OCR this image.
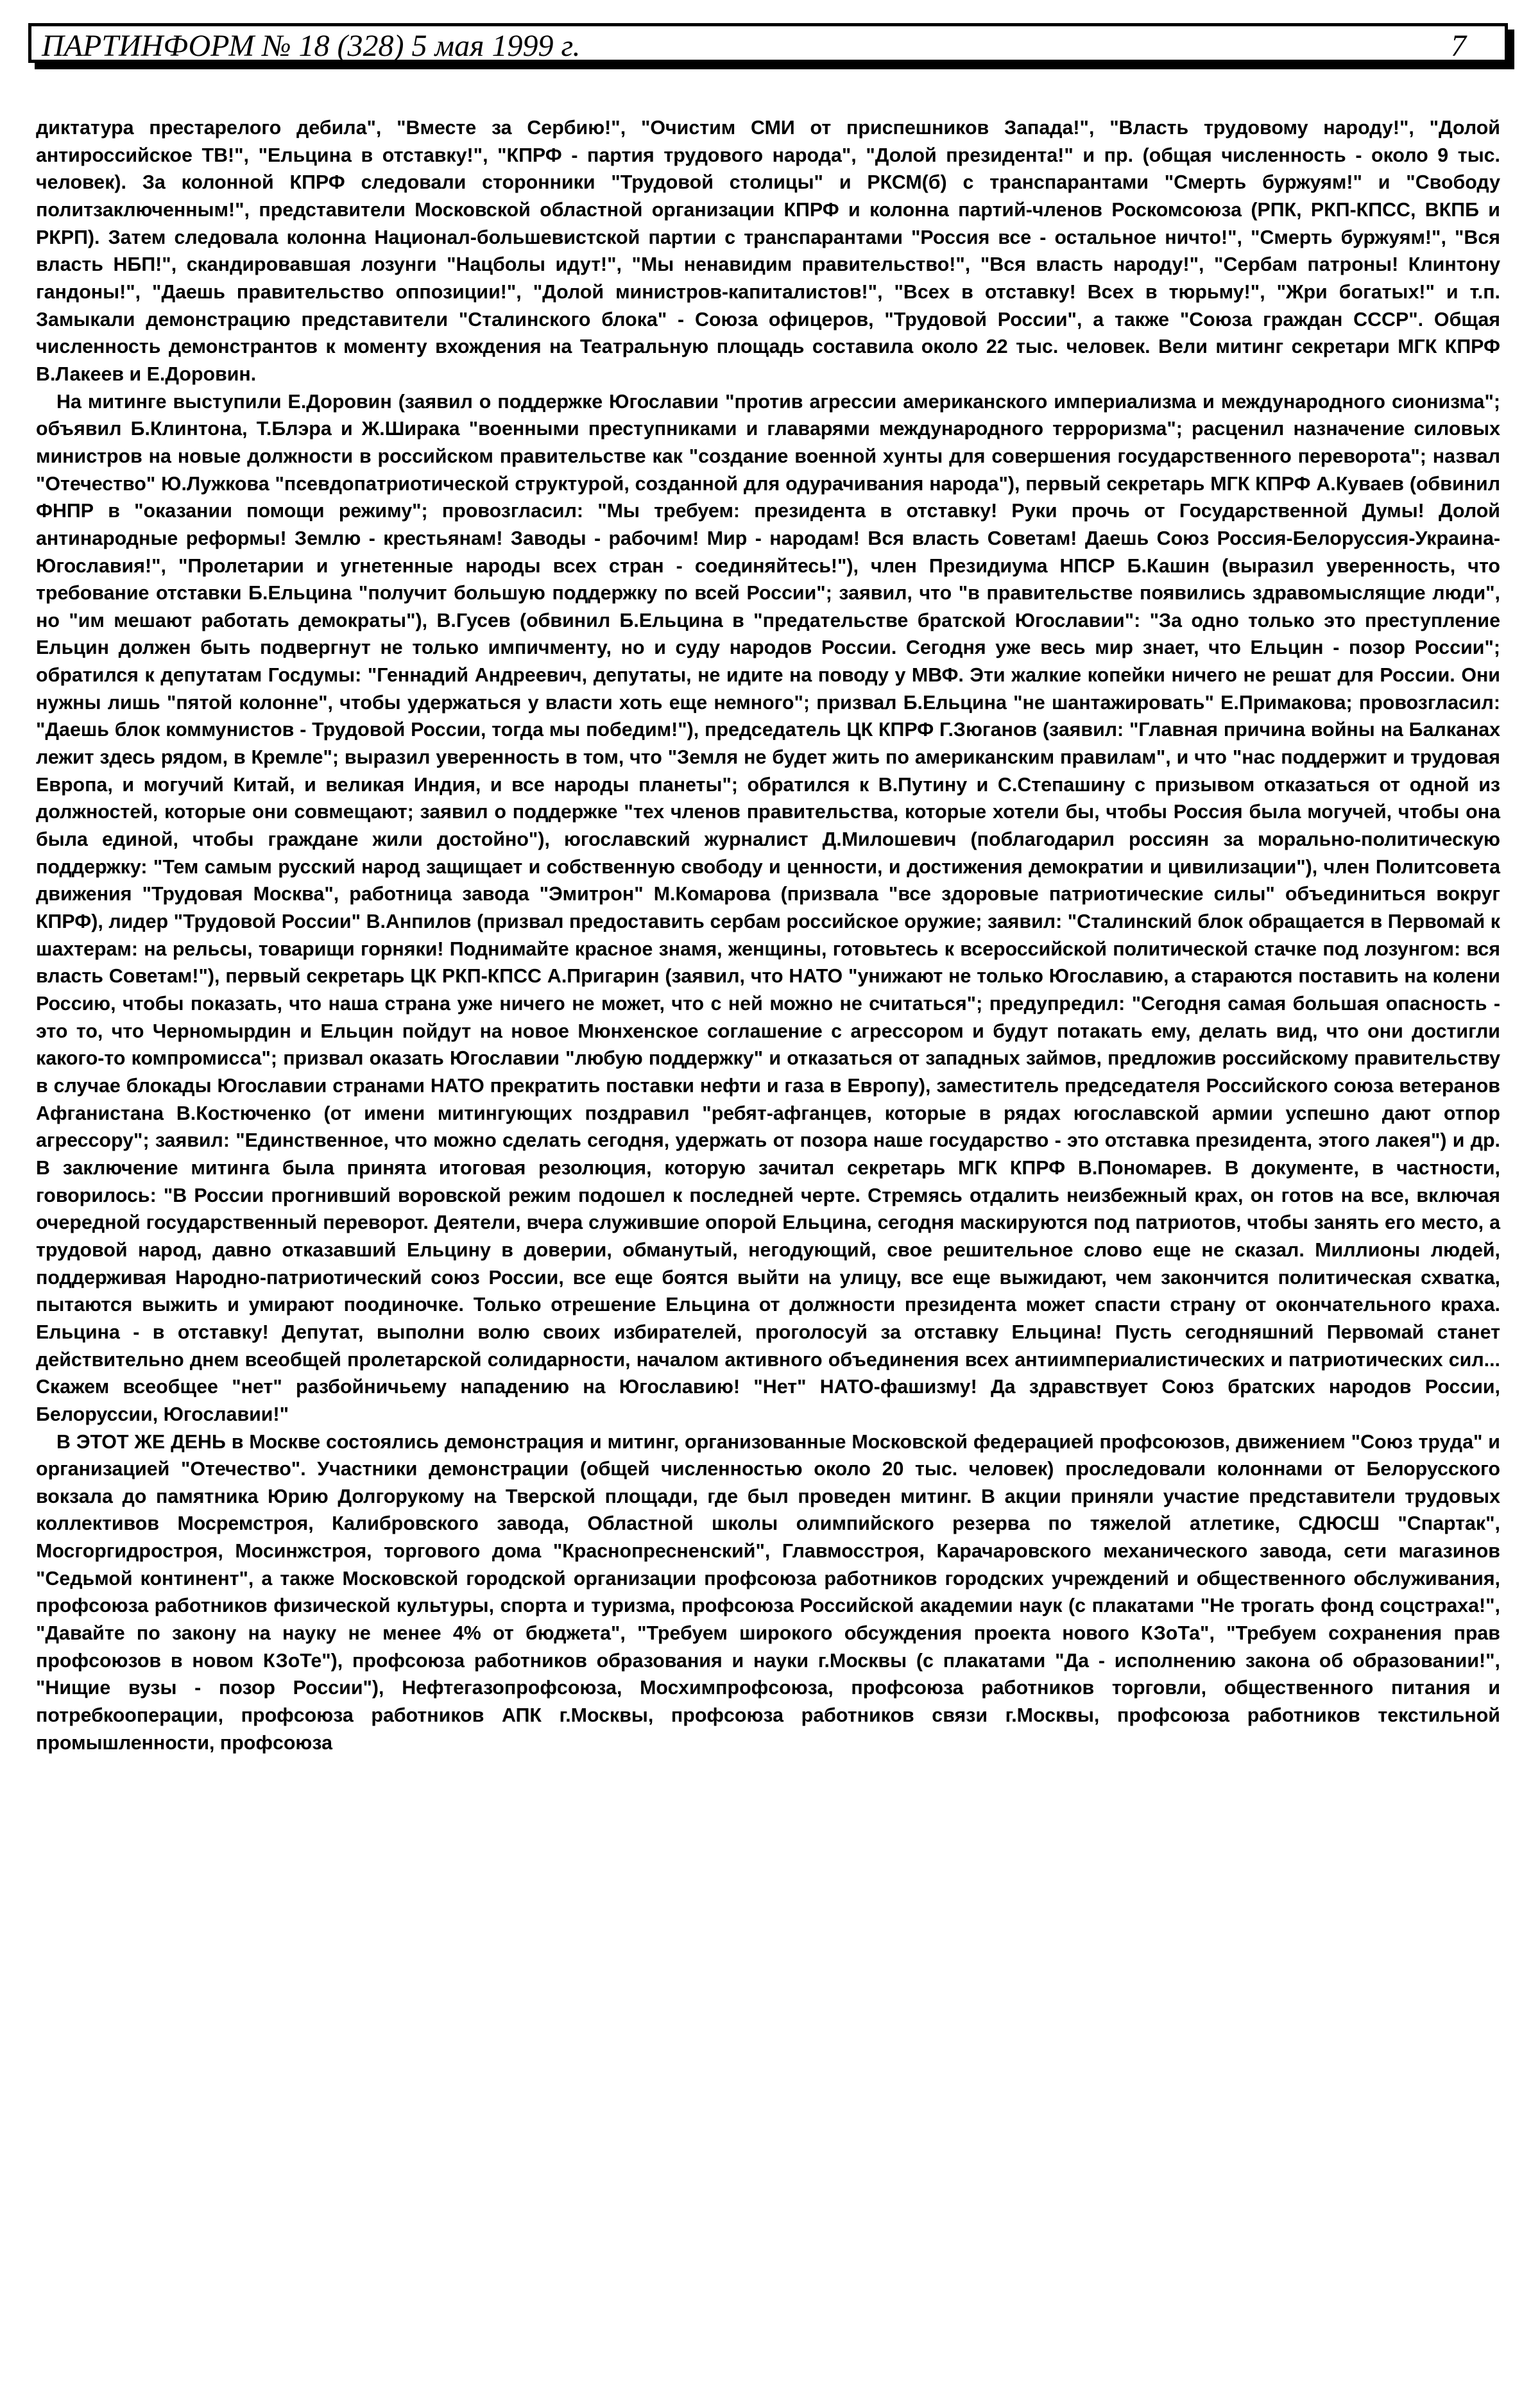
ПАРТИНФОРМ № 18 (328) 5 мая 1999 г.	7

диктатура престарелого дебила", "Вместе за Сербию!", "Очистим СМИ от приспешников Запада!", "Власть трудовому народу!", "Долой антироссийское ТВ!", "Ельцина в отставку!", "КПРФ - партия трудового народа", "Долой президента!" и пр. (общая численность - около 9 тыс. человек). За колонной КПРФ следовали сторонники "Трудовой столицы" и РКСМ(б) с транспарантами "Смерть буржуям!" и "Свободу политзаключенным!", представители Московской областной организации КПРФ и колонна партий-членов Роскомсоюза (РПК, РКП-КПСС, ВКПБ и РКРП). Затем следовала колонна Национал-большевистской партии с транспарантами "Россия все - остальное ничто!", "Смерть буржуям!", "Вся власть НБП!", скандировавшая лозунги "Нацболы идут!", "Мы ненавидим правительство!", "Вся власть народу!", "Сербам патроны! Клинтону гандоны!", "Даешь правительство оппозиции!", "Долой министров-капиталистов!", "Всех в отставку! Всех в тюрьму!", "Жри богатых!" и т.п. Замыкали демонстрацию представители "Сталинского блока" - Союза офицеров, "Трудовой России", а также "Союза граждан СССР". Общая численность демонстрантов к моменту вхождения на Театральную площадь составила около 22 тыс. человек. Вели митинг секретари МГК КПРФ В.Лакеев и Е.Доровин.

На митинге выступили Е.Доровин (заявил о поддержке Югославии "против агрессии американского империализма и международного сионизма"; объявил Б.Клинтона, Т.Блэра и Ж.Ширака "военными преступниками и главарями международного терроризма"; расценил назначение силовых министров на новые должности в российском правительстве как "создание военной хунты для совершения государственного переворота"; назвал "Отечество" Ю.Лужкова "псевдопатриотической структурой, созданной для одурачивания народа"), первый секретарь МГК КПРФ А.Куваев (обвинил ФНПР в "оказании помощи режиму"; провозгласил: "Мы требуем: президента в отставку! Руки прочь от Государственной Думы! Долой антинародные реформы! Землю - крестьянам! Заводы - рабочим! Мир - народам! Вся власть Советам! Даешь Союз Россия-Белоруссия-Украина-Югославия!", "Пролетарии и угнетенные народы всех стран - соединяйтесь!"), член Президиума НПСР Б.Кашин (выразил уверенность, что требование отставки Б.Ельцина "получит большую поддержку по всей России"; заявил, что "в правительстве появились здравомыслящие люди", но "им мешают работать демократы"), В.Гусев (обвинил Б.Ельцина в "предательстве братской Югославии": "За одно только это преступление Ельцин должен быть подвергнут не только импичменту, но и суду народов России. Сегодня уже весь мир знает, что Ельцин - позор России"; обратился к депутатам Госдумы: "Геннадий Андреевич, депутаты, не идите на поводу у МВФ. Эти жалкие копейки ничего не решат для России. Они нужны лишь "пятой колонне", чтобы удержаться у власти хоть еще немного"; призвал Б.Ельцина "не шантажировать" Е.Примакова; провозгласил: "Даешь блок коммунистов - Трудовой России, тогда мы победим!"), председатель ЦК КПРФ Г.Зюганов (заявил: "Главная причина войны на Балканах лежит здесь рядом, в Кремле"; выразил уверенность в том, что "Земля не будет жить по американским правилам", и что "нас поддержит и трудовая Европа, и могучий Китай, и великая Индия, и все народы планеты"; обратился к В.Путину и С.Степашину с призывом отказаться от одной из должностей, которые они совмещают; заявил о поддержке "тех членов правительства, которые хотели бы, чтобы Россия была могучей, чтобы она была единой, чтобы граждане жили достойно"), югославский журналист Д.Милошевич (поблагодарил россиян за морально-политическую поддержку: "Тем самым русский народ защищает и собственную свободу и ценности, и достижения демократии и цивилизации"), член Политсовета движения "Трудовая Москва", работница завода "Эмитрон" М.Комарова (призвала "все здоровые патриотические силы" объединиться вокруг КПРФ), лидер "Трудовой России" В.Анпилов (призвал предоставить сербам российское оружие; заявил: "Сталинский блок обращается в Первомай к шахтерам: на рельсы, товарищи горняки! Поднимайте красное знамя, женщины, готовьтесь к всероссийской политической стачке под лозунгом: вся власть Советам!"), первый секретарь ЦК РКП-КПСС А.Пригарин (заявил, что НАТО "унижают не только Югославию, а стараются поставить на колени Россию, чтобы показать, что наша страна уже ничего не может, что с ней можно не считаться"; предупредил: "Сегодня самая большая опасность - это то, что Черномырдин и Ельцин пойдут на новое Мюнхенское соглашение с агрессором и будут потакать ему, делать вид, что они достигли какого-то компромисса"; призвал оказать Югославии "любую поддержку" и отказаться от западных займов, предложив российскому правительству в случае блокады Югославии странами НАТО прекратить поставки нефти и газа в Европу), заместитель председателя Российского союза ветеранов Афганистана В.Костюченко (от имени митингующих поздравил "ребят-афганцев, которые в рядах югославской армии успешно дают отпор агрессору"; заявил: "Единственное, что можно сделать сегодня, удержать от позора наше государство - это отставка президента, этого лакея") и др. В заключение митинга была принята итоговая резолюция, которую зачитал секретарь МГК КПРФ В.Пономарев. В документе, в частности, говорилось: "В России прогнивший воровской режим подошел к последней черте. Стремясь отдалить неизбежный крах, он готов на все, включая очередной государственный переворот. Деятели, вчера служившие опорой Ельцина, сегодня маскируются под патриотов, чтобы занять его место, а трудовой народ, давно отказавший Ельцину в доверии, обманутый, негодующий, свое решительное слово еще не сказал. Миллионы людей, поддерживая Народно-патриотический союз России, все еще боятся выйти на улицу, все еще выжидают, чем закончится политическая схватка, пытаются выжить и умирают поодиночке. Только отрешение Ельцина от должности президента может спасти страну от окончательного краха. Ельцина - в отставку! Депутат, выполни волю своих избирателей, проголосуй за отставку Ельцина! Пусть сегодняшний Первомай станет действительно днем всеобщей пролетарской солидарности, началом активного объединения всех антиимпериалистических и патриотических сил... Скажем всеобщее "нет" разбойничьему нападению на Югославию! "Нет" НАТО-фашизму! Да здравствует Союз братских народов России, Белоруссии, Югославии!"

В ЭТОТ ЖЕ ДЕНЬ в Москве состоялись демонстрация и митинг, организованные Московской федерацией профсоюзов, движением "Союз труда" и организацией "Отечество". Участники демонстрации (общей численностью около 20 тыс. человек) проследовали колоннами от Белорусского вокзала до памятника Юрию Долгорукому на Тверской площади, где был проведен митинг. В акции приняли участие представители трудовых коллективов Мосремстроя, Калибровского завода, Областной школы олимпийского резерва по тяжелой атлетике, СДЮСШ "Спартак", Мосгоргидростроя, Мосинжстроя, торгового дома "Краснопресненский", Главмосстроя, Карачаровского механического завода, сети магазинов "Седьмой континент", а также Московской городской организации профсоюза работников городских учреждений и общественного обслуживания, профсоюза работников физической культуры, спорта и туризма, профсоюза Российской академии наук (с плакатами "Не трогать фонд соцстраха!", "Давайте по закону на науку не менее 4% от бюджета", "Требуем широкого обсуждения проекта нового КЗоТа", "Требуем сохранения прав профсоюзов в новом КЗоТе"), профсоюза работников образования и науки г.Москвы (с плакатами "Да - исполнению закона об образовании!", "Нищие вузы - позор России"), Нефтегазопрофсоюза, Мосхимпрофсоюза, профсоюза работников торговли, общественного питания и потребкооперации, профсоюза работников АПК г.Москвы, профсоюза работников связи г.Москвы, профсоюза работников текстильной промышленности, профсоюза
